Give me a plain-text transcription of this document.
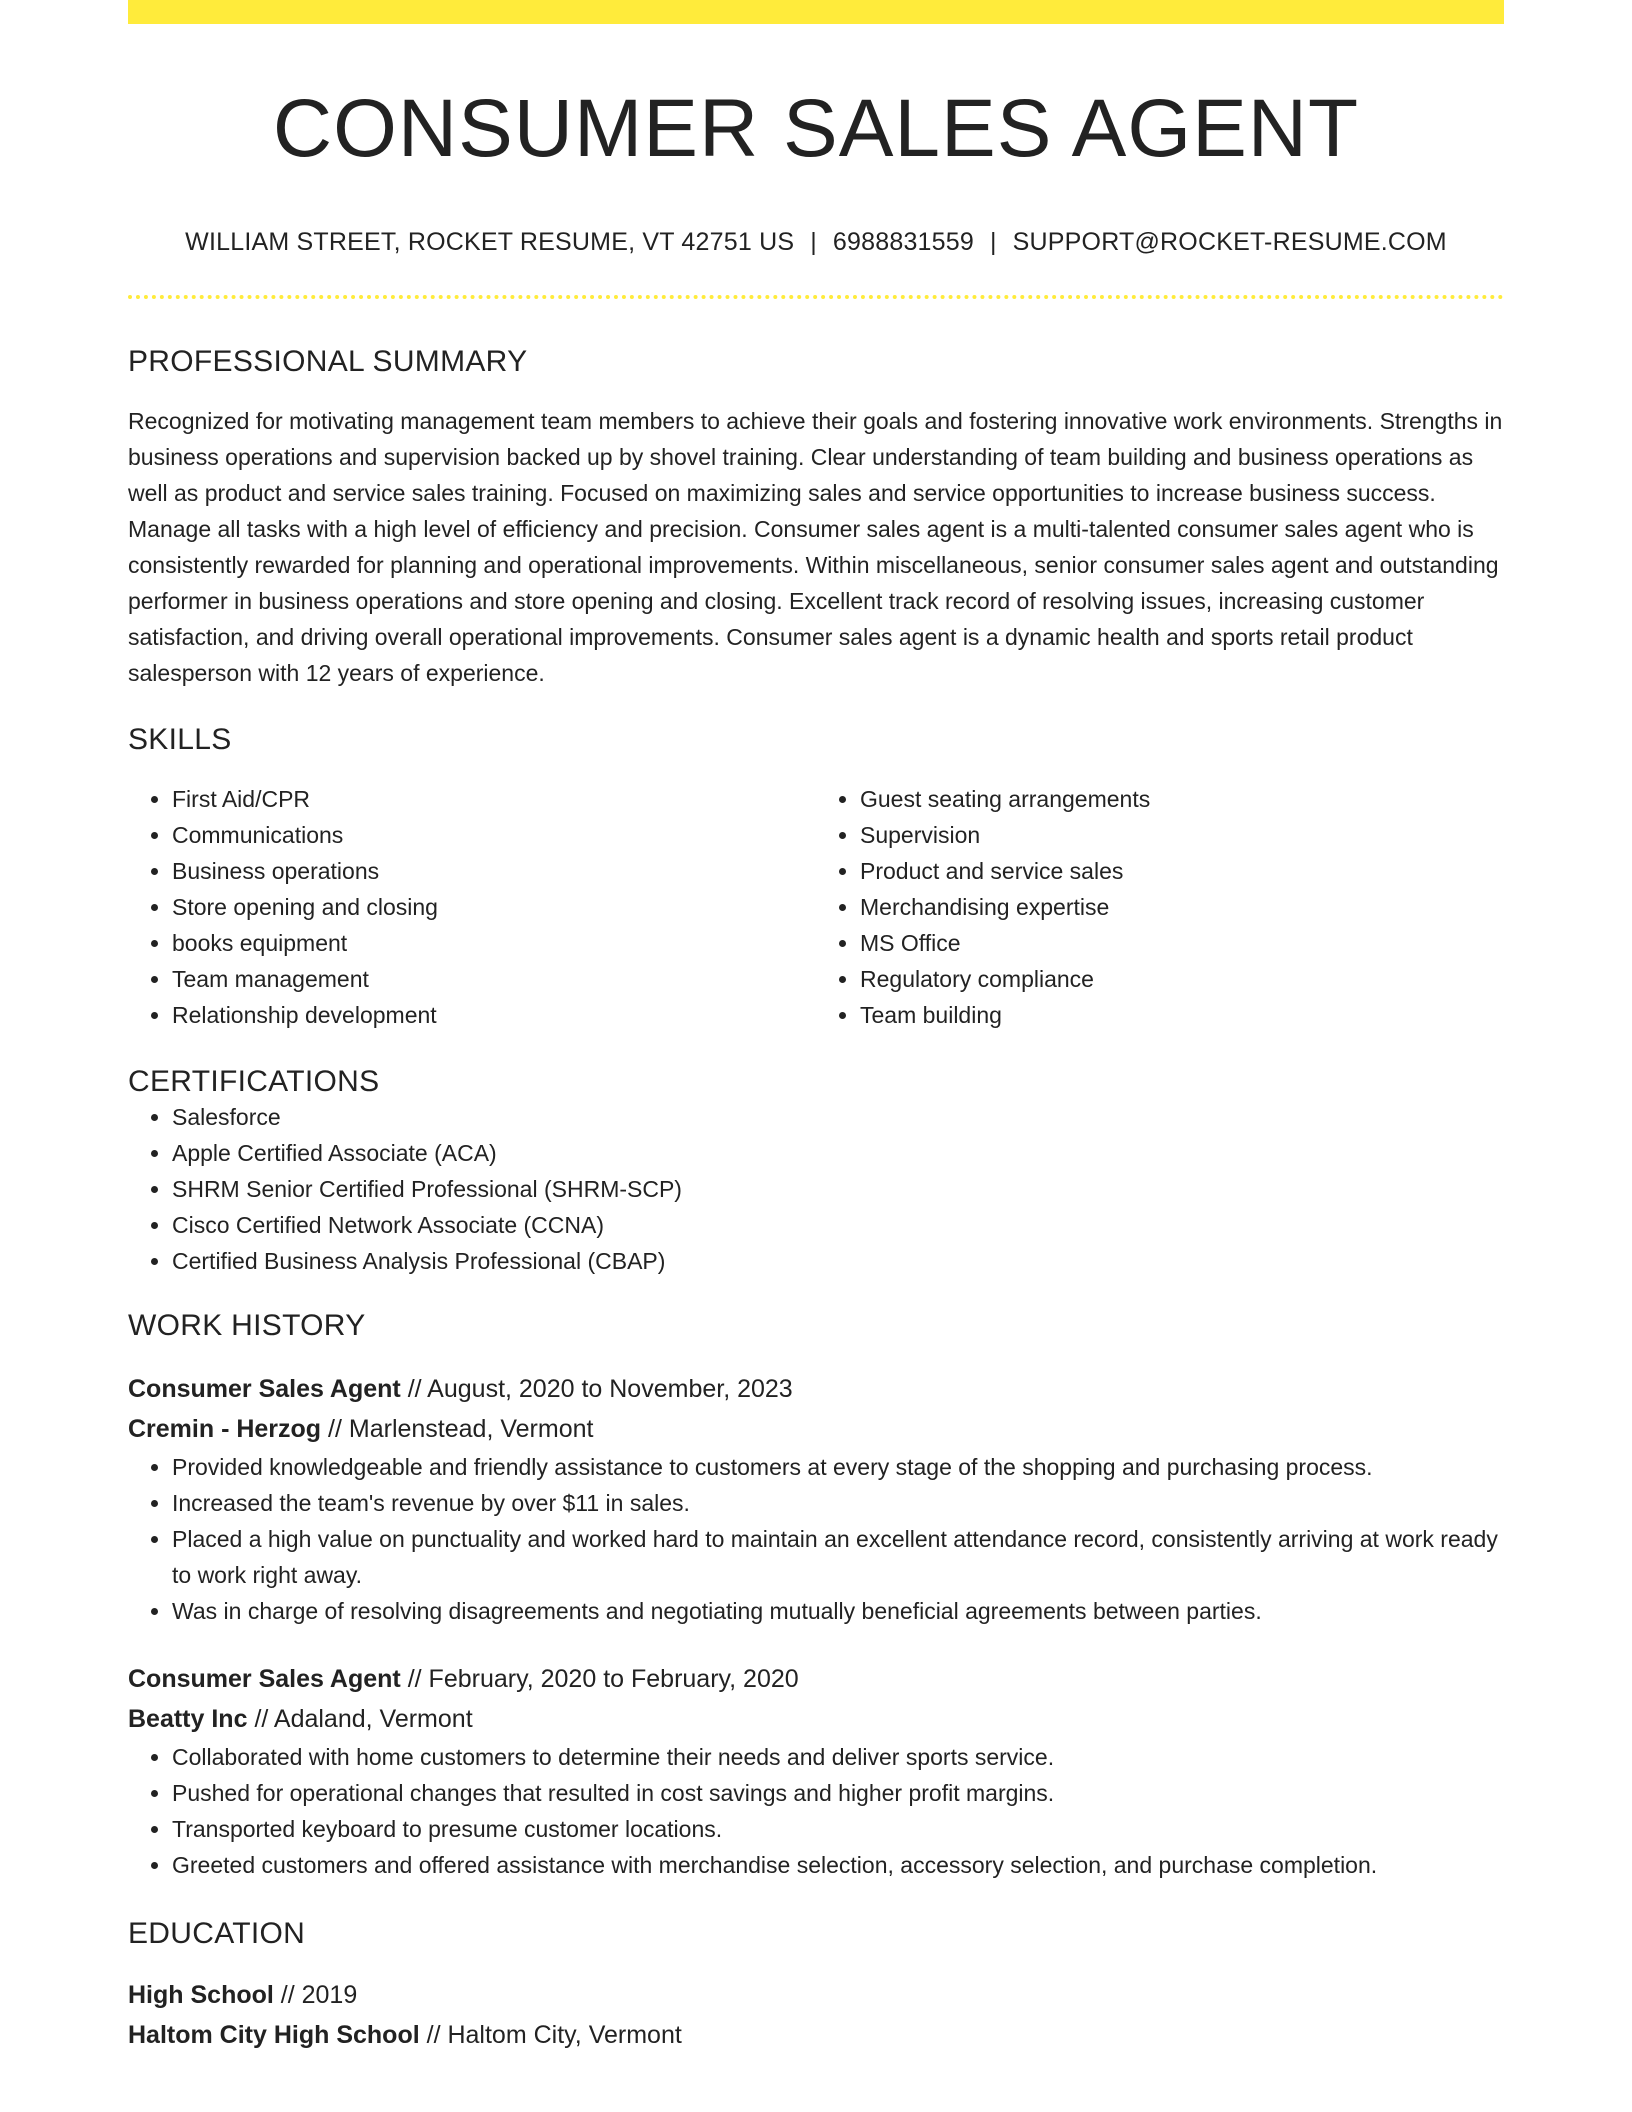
CONSUMER SALES AGENT
WILLIAM STREET, ROCKET RESUME, VT 42751 US | 6988831559 | SUPPORT@ROCKET-RESUME.COM
PROFESSIONAL SUMMARY
Recognized for motivating management team members to achieve their goals and fostering innovative work environments. Strengths in business operations and supervision backed up by shovel training. Clear understanding of team building and business operations as well as product and service sales training. Focused on maximizing sales and service opportunities to increase business success. Manage all tasks with a high level of efficiency and precision. Consumer sales agent is a multi-talented consumer sales agent who is consistently rewarded for planning and operational improvements. Within miscellaneous, senior consumer sales agent and outstanding performer in business operations and store opening and closing. Excellent track record of resolving issues, increasing customer satisfaction, and driving overall operational improvements. Consumer sales agent is a dynamic health and sports retail product salesperson with 12 years of experience.
SKILLS
• First Aid/CPR
• Communications
• Business operations
• Store opening and closing
• books equipment
• Team management
• Relationship development
• Guest seating arrangements
• Supervision
• Product and service sales
• Merchandising expertise
• MS Office
• Regulatory compliance
• Team building
CERTIFICATIONS
• Salesforce
• Apple Certified Associate (ACA)
• SHRM Senior Certified Professional (SHRM-SCP)
• Cisco Certified Network Associate (CCNA)
• Certified Business Analysis Professional (CBAP)
WORK HISTORY
Consumer Sales Agent // August, 2020 to November, 2023
Cremin - Herzog // Marlenstead, Vermont
• Provided knowledgeable and friendly assistance to customers at every stage of the shopping and purchasing process.
• Increased the team's revenue by over $11 in sales.
• Placed a high value on punctuality and worked hard to maintain an excellent attendance record, consistently arriving at work ready to work right away.
• Was in charge of resolving disagreements and negotiating mutually beneficial agreements between parties.
Consumer Sales Agent // February, 2020 to February, 2020
Beatty Inc // Adaland, Vermont
• Collaborated with home customers to determine their needs and deliver sports service.
• Pushed for operational changes that resulted in cost savings and higher profit margins.
• Transported keyboard to presume customer locations.
• Greeted customers and offered assistance with merchandise selection, accessory selection, and purchase completion.
EDUCATION
High School // 2019
Haltom City High School // Haltom City, Vermont
